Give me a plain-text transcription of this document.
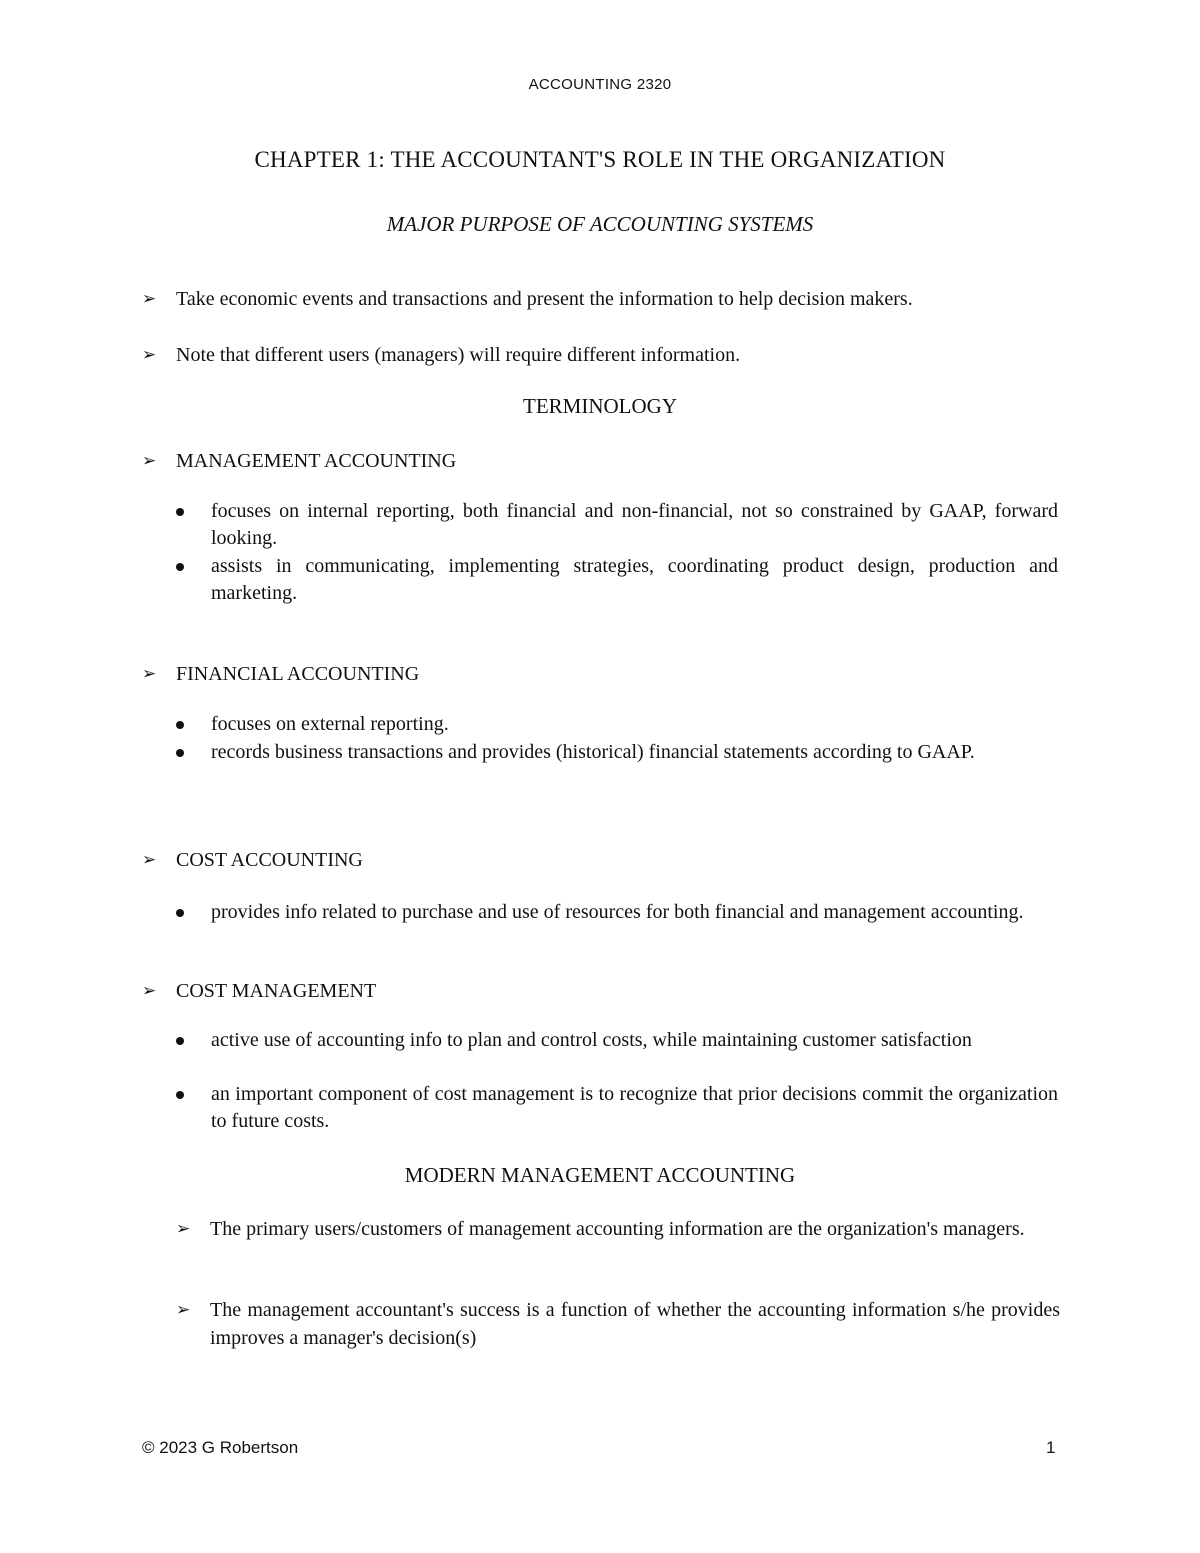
ACCOUNTING 2320
CHAPTER 1: THE ACCOUNTANT'S ROLE IN THE ORGANIZATION
MAJOR PURPOSE OF ACCOUNTING SYSTEMS
➢ Take economic events and transactions and present the information to help decision makers.
➢ Note that different users (managers) will require different information.
TERMINOLOGY
➢ MANAGEMENT ACCOUNTING
focuses on internal reporting, both financial and non-financial, not so constrained by GAAP, forward looking.
assists in communicating, implementing strategies, coordinating product design, production and marketing.
➢ FINANCIAL ACCOUNTING
focuses on external reporting.
records business transactions and provides (historical) financial statements according to GAAP.
➢ COST ACCOUNTING
provides info related to purchase and use of resources for both financial and management accounting.
➢ COST MANAGEMENT
active use of accounting info to plan and control costs, while maintaining customer satisfaction
an important component of cost management is to recognize that prior decisions commit the organization to future costs.
MODERN MANAGEMENT ACCOUNTING
➢ The primary users/customers of management accounting information are the organization's managers.
➢ The management accountant's success is a function of whether the accounting information s/he provides improves a manager's decision(s)
© 2023 G Robertson	1
